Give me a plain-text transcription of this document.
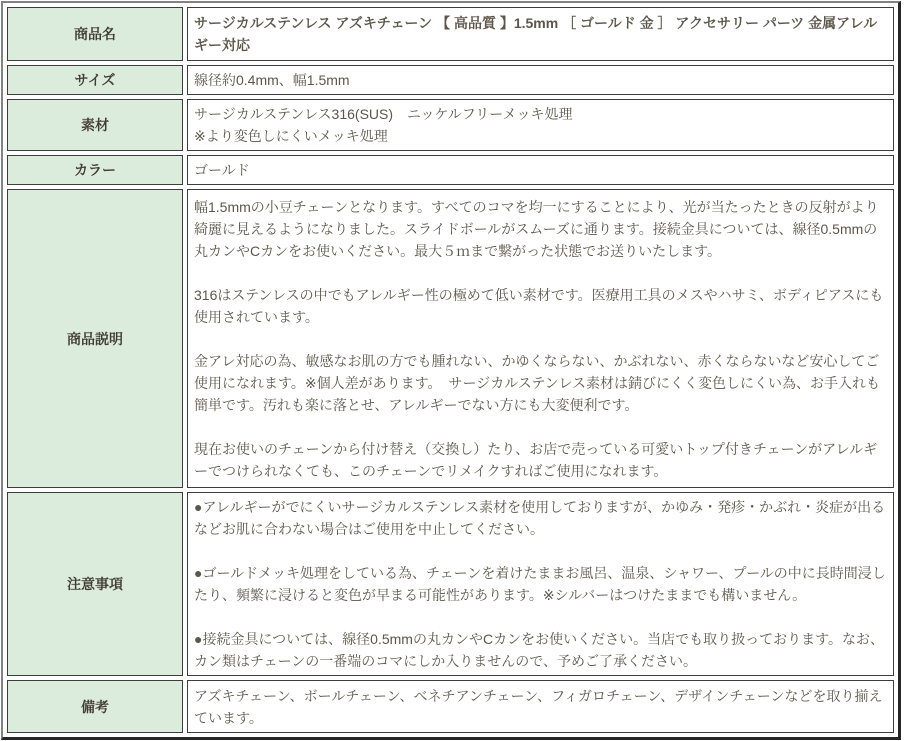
商品名	サージカルステンレス アズキチェーン 【 高品質 】1.5mm ［ ゴールド 金 ］ アクセサリー パーツ 金属アレルギー対応

サイズ	線径約0.4mm、幅1.5mm

素材	サージカルステンレス316(SUS)　ニッケルフリーメッキ処理

※より変色しにくいメッキ処理

カラー	ゴールド

商品説明	幅1.5mmの小豆チェーンとなります。すべてのコマを均一にすることにより、光が当たったときの反射がより綺麗に見えるようになりました。スライドボールがスムーズに通ります。接続金具については、線径0.5mmの丸カンやCカンをお使いください。最大５ｍまで繋がった状態でお送りいたします。

316はステンレスの中でもアレルギー性の極めて低い素材です。医療用工具のメスやハサミ、ボディピアスにも使用されています。

金アレ対応の為、敏感なお肌の方でも腫れない、かゆくならない、かぶれない、赤くならないなど安心してご使用になれます。※個人差があります。　サージカルステンレス素材は錆びにくく変色しにくい為、お手入れも簡単です。汚れも楽に落とせ、アレルギーでない方にも大変便利です。

現在お使いのチェーンから付け替え（交換し）たり、お店で売っている可愛いトップ付きチェーンがアレルギーでつけられなくても、このチェーンでリメイクすればご使用になれます。

注意事項	●アレルギーがでにくいサージカルステンレス素材を使用しておりますが、かゆみ・発疹・かぶれ・炎症が出るなどお肌に合わない場合はご使用を中止してください。

●ゴールドメッキ処理をしている為、チェーンを着けたままお風呂、温泉、シャワー、プールの中に長時間浸したり、頻繁に浸けると変色が早まる可能性があります。※シルバーはつけたままでも構いません。

●接続金具については、線径0.5mmの丸カンやCカンをお使いください。当店でも取り扱っております。なお、カン類はチェーンの一番端のコマにしか入りませんので、予めご了承ください。

備考	アズキチェーン、ボールチェーン、ベネチアンチェーン、フィガロチェーン、デザインチェーンなどを取り揃えています。
